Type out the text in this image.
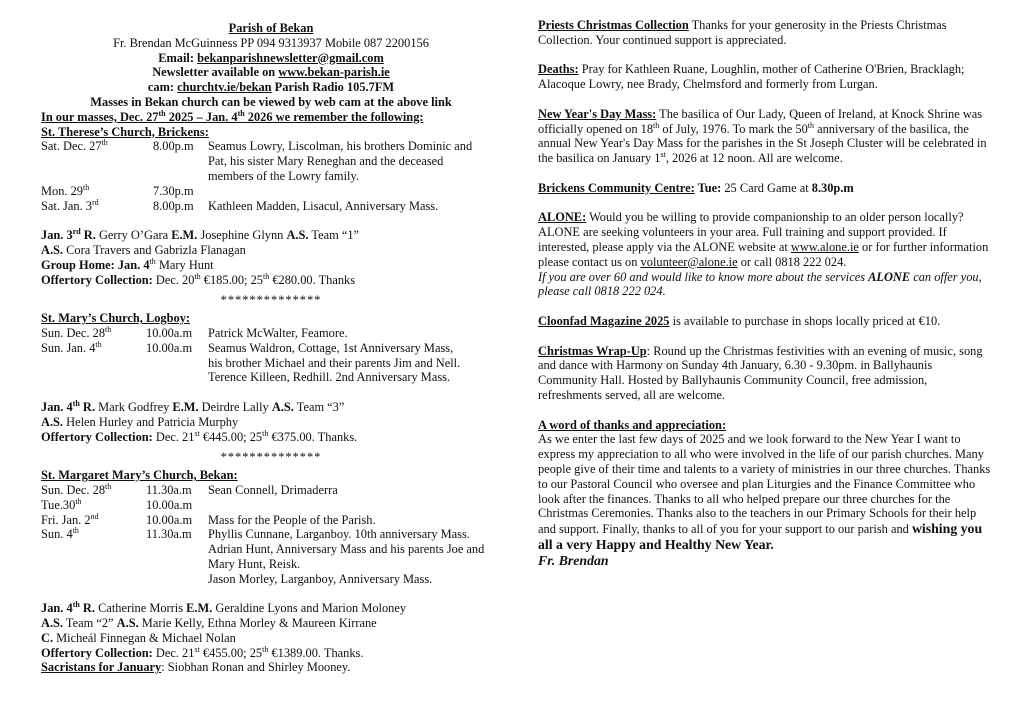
Parish of Bekan
Fr. Brendan McGuinness PP 094 9313937 Mobile 087 2200156
Email: bekanparishnewsletter@gmail.com
Newsletter available on www.bekan-parish.ie
cam: churchtv.ie/bekan Parish Radio 105.7FM
Masses in Bekan church can be viewed by web cam at the above link
In our masses, Dec. 27th 2025 – Jan. 4th 2026 we remember the following:
St. Therese’s Church, Brickens:
Sat. Dec. 27th	8.00p.m	Seamus Lowry, Liscolman, his brothers Dominic and
Pat, his sister Mary Reneghan and the deceased
members of the Lowry family.
Mon. 29th	7.30p.m
Sat. Jan. 3rd	8.00p.m	Kathleen Madden, Lisacul, Anniversary Mass.
Jan. 3rd R. Gerry O’Gara E.M. Josephine Glynn A.S. Team “1”
A.S. Cora Travers and Gabrizla Flanagan
Group Home: Jan. 4th Mary Hunt
Offertory Collection: Dec. 20th €185.00; 25th €280.00. Thanks
**************
St. Mary’s Church, Logboy:
Sun. Dec. 28th	10.00a.m	Patrick McWalter, Feamore.
Sun. Jan. 4th	10.00a.m	Seamus Waldron, Cottage, 1st Anniversary Mass,
his brother Michael and their parents Jim and Nell.
Terence Killeen, Redhill. 2nd Anniversary Mass.
Jan. 4th R. Mark Godfrey E.M. Deirdre Lally A.S. Team “3”
A.S. Helen Hurley and Patricia Murphy
Offertory Collection: Dec. 21st €445.00; 25th €375.00. Thanks.
**************
St. Margaret Mary’s Church, Bekan:
Sun. Dec. 28th	11.30a.m	Sean Connell, Drimaderra
Tue.30th	10.00a.m
Fri. Jan. 2nd	10.00a.m	Mass for the People of the Parish.
Sun. 4th	11.30a.m	Phyllis Cunnane, Larganboy. 10th anniversary Mass.
Adrian Hunt, Anniversary Mass and his parents Joe and
Mary Hunt, Reisk.
Jason Morley, Larganboy, Anniversary Mass.
Jan. 4th R. Catherine Morris E.M. Geraldine Lyons and Marion Moloney
A.S. Team “2” A.S. Marie Kelly, Ethna Morley & Maureen Kirrane
C. Micheál Finnegan & Michael Nolan
Offertory Collection: Dec. 21st €455.00; 25th €1389.00. Thanks.
Sacristans for January: Siobhan Ronan and Shirley Mooney.
Priests Christmas Collection Thanks for your generosity in the Priests Christmas Collection. Your continued support is appreciated.
Deaths: Pray for Kathleen Ruane, Loughlin, mother of Catherine O'Brien, Bracklagh;
Alacoque Lowry, nee Brady, Chelmsford and formerly from Lurgan.
New Year's Day Mass: The basilica of Our Lady, Queen of Ireland, at Knock Shrine was officially opened on 18th of July, 1976. To mark the 50th anniversary of the basilica, the annual New Year's Day Mass for the parishes in the St Joseph Cluster will be celebrated in the basilica on January 1st, 2026 at 12 noon. All are welcome.
Brickens Community Centre: Tue: 25 Card Game at 8.30p.m
ALONE: Would you be willing to provide companionship to an older person locally? ALONE are seeking volunteers in your area. Full training and support provided. If interested, please apply via the ALONE website at www.alone.ie or for further information please contact us on volunteer@alone.ie or call 0818 222 024.
If you are over 60 and would like to know more about the services ALONE can offer you, please call 0818 222 024.
Cloonfad Magazine 2025 is available to purchase in shops locally priced at €10.
Christmas Wrap-Up: Round up the Christmas festivities with an evening of music, song and dance with Harmony on Sunday 4th January, 6.30 - 9.30pm. in Ballyhaunis Community Hall. Hosted by Ballyhaunis Community Council, free admission, refreshments served, all are welcome.
A word of thanks and appreciation:
As we enter the last few days of 2025 and we look forward to the New Year I want to express my appreciation to all who were involved in the life of our parish churches. Many people give of their time and talents to a variety of ministries in our three churches. Thanks to our Pastoral Council who oversee and plan Liturgies and the Finance Committee who look after the finances. Thanks to all who helped prepare our three churches for the Christmas Ceremonies. Thanks also to the teachers in our Primary Schools for their help and support. Finally, thanks to all of you for your support to our parish and wishing you all a very Happy and Healthy New Year.
Fr. Brendan
